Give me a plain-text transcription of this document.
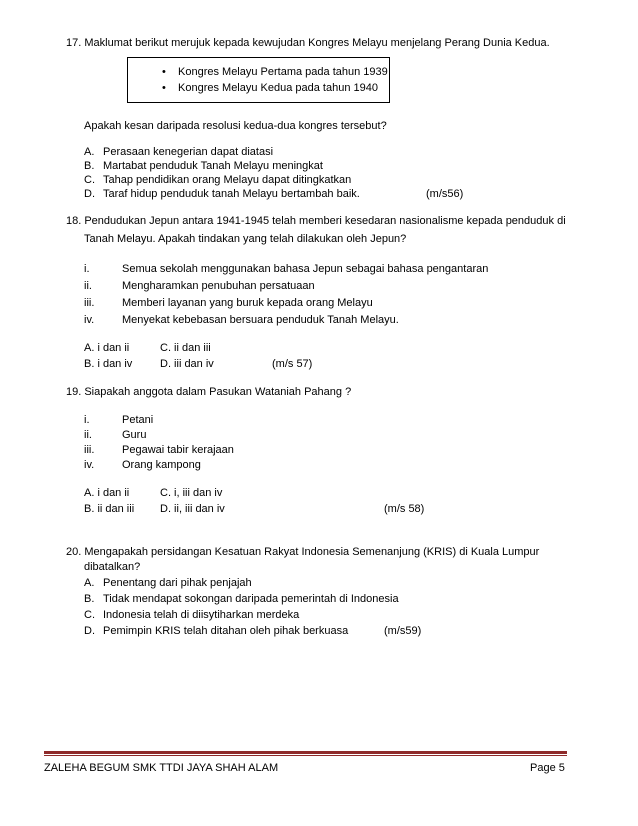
17. Maklumat berikut merujuk kepada kewujudan Kongres Melayu menjelang Perang Dunia Kedua.
• Kongres Melayu Pertama pada tahun 1939
• Kongres Melayu Kedua pada tahun 1940
Apakah kesan daripada resolusi kedua-dua kongres tersebut?
A. Perasaan kenegerian dapat diatasi
B. Martabat penduduk Tanah Melayu meningkat
C. Tahap pendidikan orang Melayu dapat ditingkatkan
D. Taraf hidup penduduk tanah Melayu bertambah baik.	(m/s56)
18. Pendudukan Jepun antara 1941-1945 telah memberi kesedaran nasionalisme kepada penduduk di
Tanah Melayu. Apakah tindakan yang telah dilakukan oleh Jepun?
i.	Semua sekolah menggunakan bahasa Jepun sebagai bahasa pengantaran
ii.	Mengharamkan penubuhan persatuaan
iii.	Memberi layanan yang buruk kepada orang Melayu
iv.	Menyekat kebebasan bersuara penduduk Tanah Melayu.
A. i dan ii	C. ii dan iii
B. i dan iv	D. iii dan iv	(m/s 57)
19. Siapakah anggota dalam Pasukan Wataniah Pahang ?
i.	Petani
ii.	Guru
iii.	Pegawai tabir kerajaan
iv.	Orang kampong
A. i dan ii	C. i, iii dan iv
B. ii dan iii D. ii, iii dan iv	(m/s 58)
20. Mengapakah persidangan Kesatuan Rakyat Indonesia Semenanjung (KRIS) di Kuala Lumpur
dibatalkan?
A. Penentang dari pihak penjajah
B. Tidak mendapat sokongan daripada pemerintah di Indonesia
C. Indonesia telah di diisytiharkan merdeka
D. Pemimpin KRIS telah ditahan oleh pihak berkuasa	(m/s59)
ZALEHA BEGUM SMK TTDI JAYA SHAH ALAM	Page 5
